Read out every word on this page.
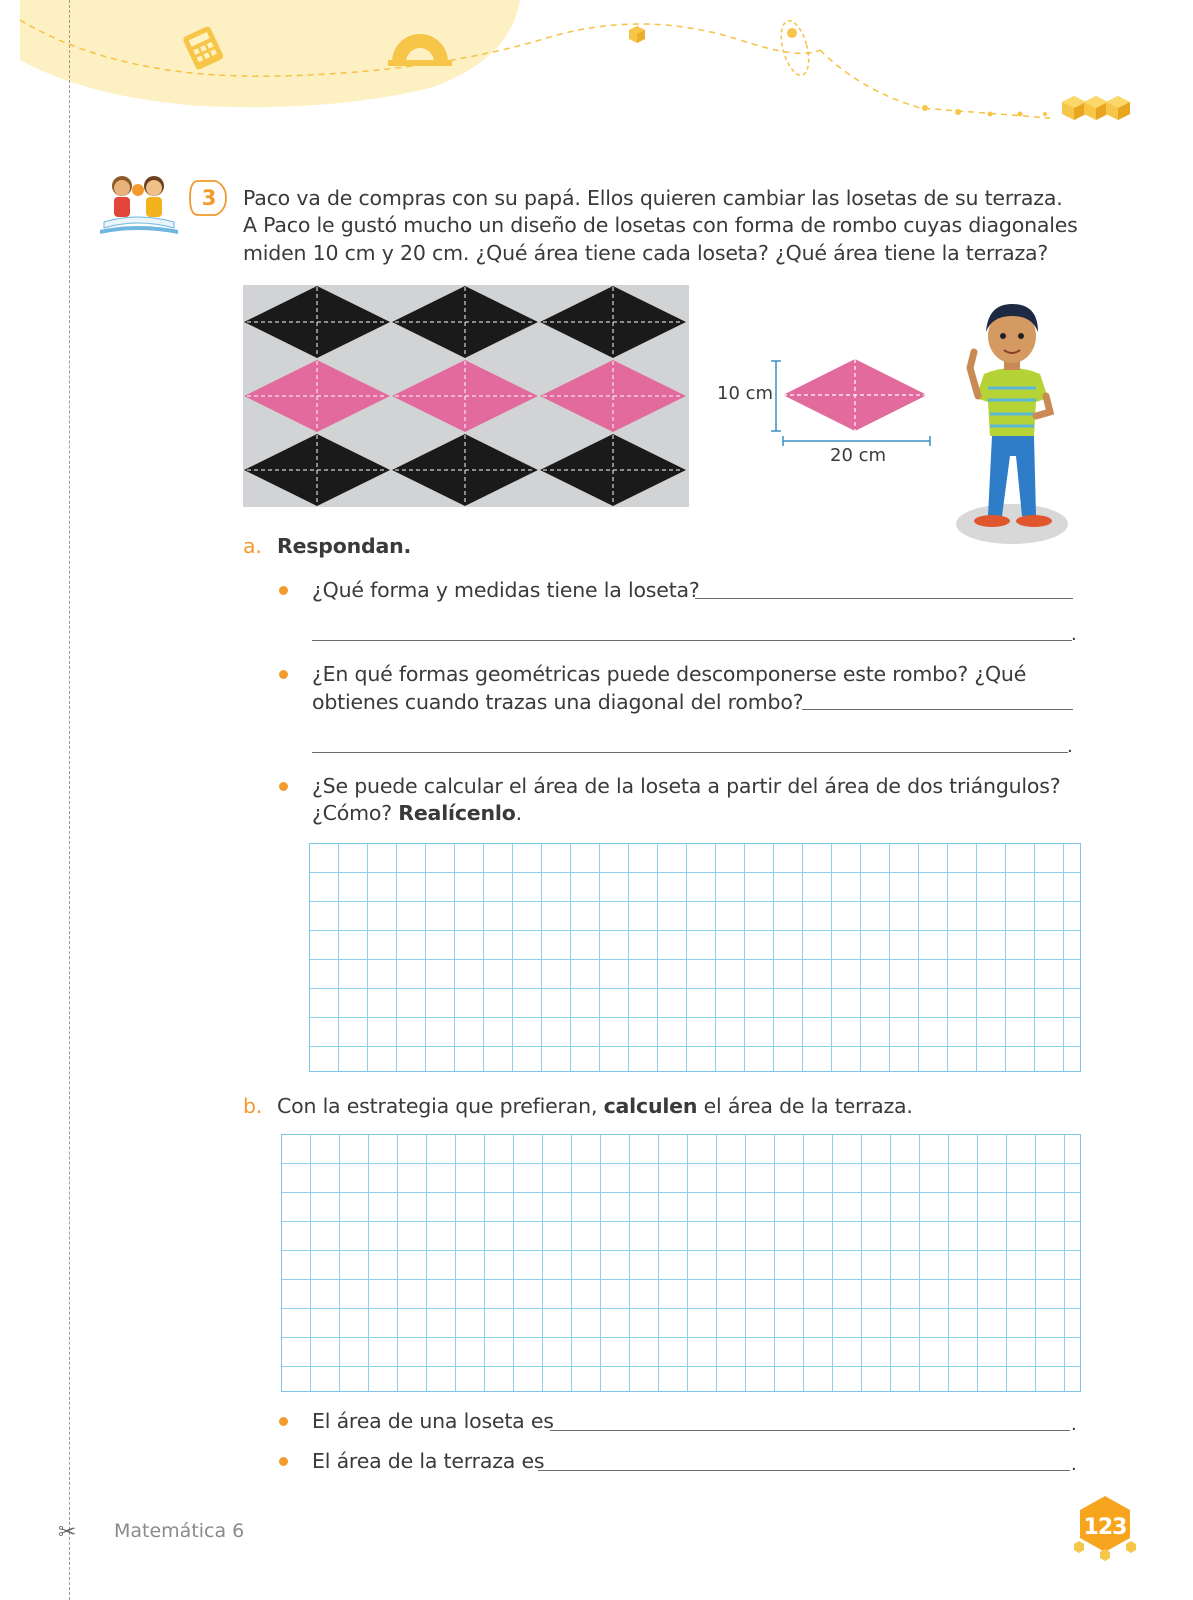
✂
3 Paco va de compras con su papá. Ellos quieren cambiar las losetas de su terraza.
A Paco le gustó mucho un diseño de losetas con forma de rombo cuyas diagonales
miden 10 cm y 20 cm. ¿Qué área tiene cada loseta? ¿Qué área tiene la terraza?
10 cm
20 cm
a. Respondan.
¿Qué forma y medidas tiene la loseta?
.
¿En qué formas geométricas puede descomponerse este rombo? ¿Qué
obtienes cuando trazas una diagonal del rombo?
.
¿Se puede calcular el área de la loseta a partir del área de dos triángulos?
¿Cómo? Realícenlo.
b. Con la estrategia que prefieran, calculen el área de la terraza.
El área de una loseta es	.
El área de la terraza es	.
Matemática 6	123
